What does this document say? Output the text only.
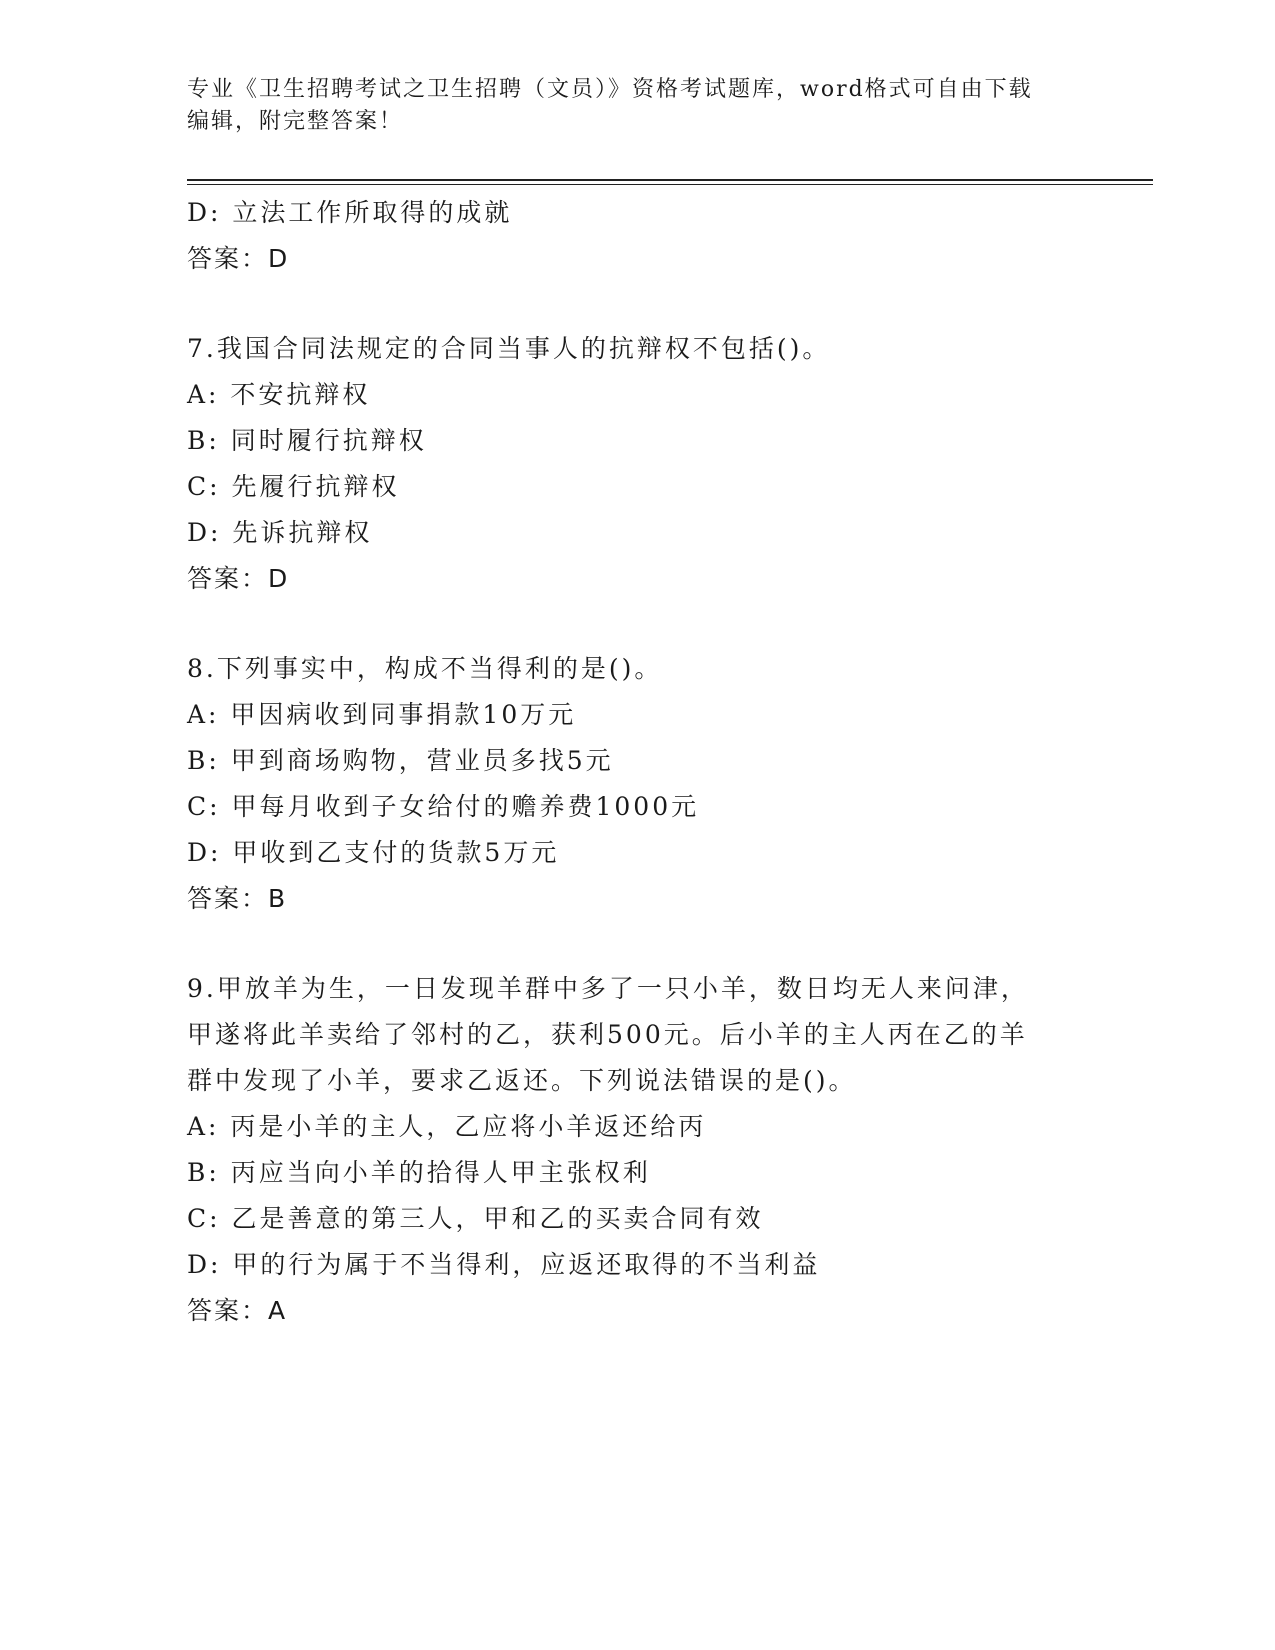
专业《卫生招聘考试之卫生招聘（文员）》资格考试题库，word格式可自由下载
编辑，附完整答案！
D: 立法工作所取得的成就
答案：D
7.我国合同法规定的合同当事人的抗辩权不包括()。
A: 不安抗辩权
B: 同时履行抗辩权
C: 先履行抗辩权
D: 先诉抗辩权
答案：D
8.下列事实中，构成不当得利的是()。
A: 甲因病收到同事捐款10万元
B: 甲到商场购物，营业员多找5元
C: 甲每月收到子女给付的赡养费1000元
D: 甲收到乙支付的货款5万元
答案：B
9.甲放羊为生，一日发现羊群中多了一只小羊，数日均无人来问津，
甲遂将此羊卖给了邻村的乙，获利500元。后小羊的主人丙在乙的羊
群中发现了小羊，要求乙返还。下列说法错误的是()。
A: 丙是小羊的主人，乙应将小羊返还给丙
B: 丙应当向小羊的拾得人甲主张权利
C: 乙是善意的第三人，甲和乙的买卖合同有效
D: 甲的行为属于不当得利，应返还取得的不当利益
答案：A
